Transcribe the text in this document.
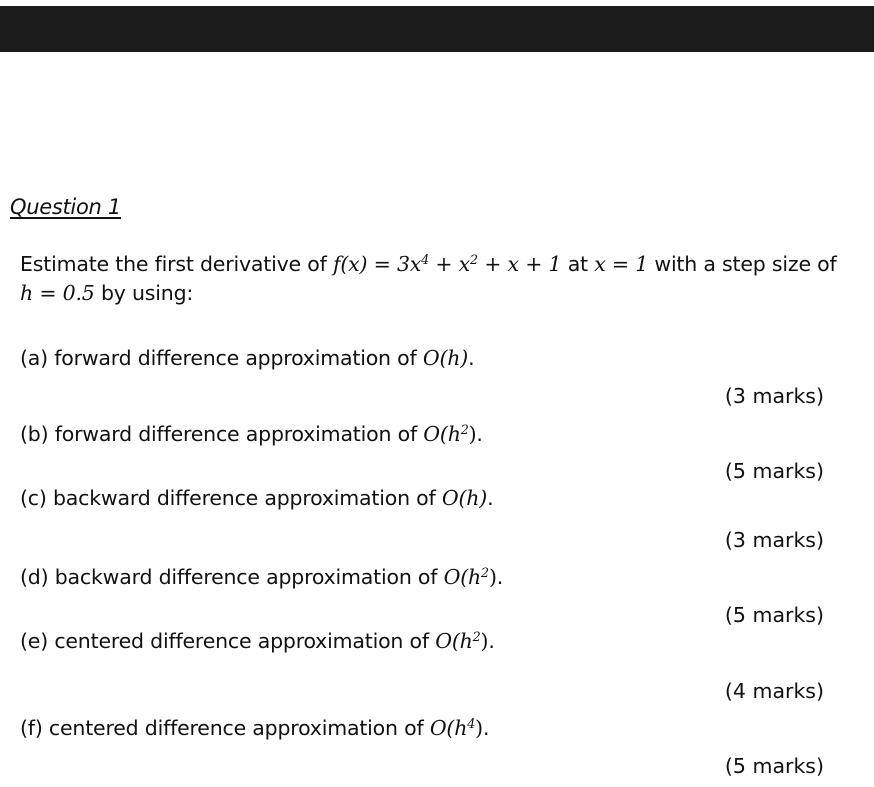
Question 1
Estimate the first derivative of $f(x) = 3x^4 + x^2 + x + 1$ at x = 1 with a step size of
h = 0.5 by using:
(a) forward difference approximation of O(h).
(3 marks)
(b) forward difference approximation of $O(h^2)$.
(5 marks)
(c) backward difference approximation of O(h).
(3 marks)
(d) backward difference approximation of $O(h^2)$.
(5 marks)
(e) centered difference approximation of $O(h^2)$.
(4 marks)
(f) centered difference approximation of $O(h^4)$.
(5 marks)
